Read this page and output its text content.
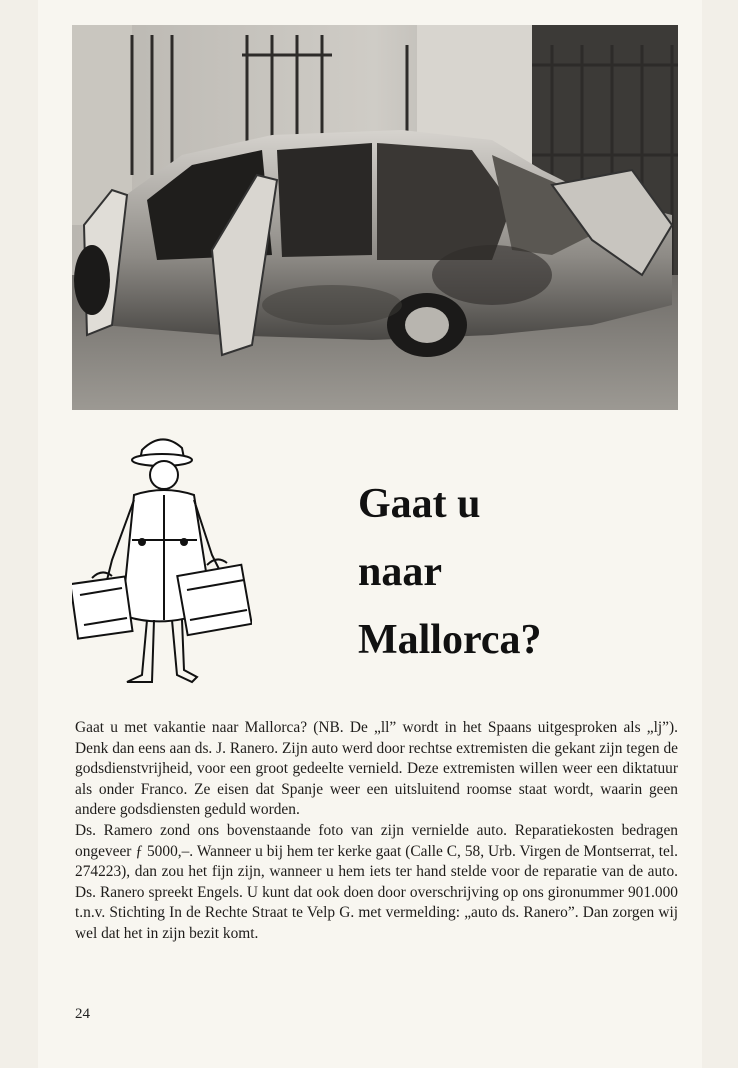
Gaat u
naar
Mallorca?

Gaat u met vakantie naar Mallorca? (NB. De „ll” wordt in het Spaans uitgesproken als „lj”). Denk dan eens aan ds. J. Ranero. Zijn auto werd door rechtse extremisten die gekant zijn tegen de godsdienstvrijheid, voor een groot gedeelte vernield. Deze extremisten willen weer een diktatuur als onder Franco. Ze eisen dat Spanje weer een uitsluitend roomse staat wordt, waarin geen andere godsdiensten geduld worden.

Ds. Ramero zond ons bovenstaande foto van zijn vernielde auto. Reparatiekosten bedragen ongeveer ƒ 5000,–. Wanneer u bij hem ter kerke gaat (Calle C, 58, Urb. Virgen de Montserrat, tel. 274223), dan zou het fijn zijn, wanneer u hem iets ter hand stelde voor de reparatie van de auto. Ds. Ranero spreekt Engels. U kunt dat ook doen door overschrijving op ons gironummer 901.000 t.n.v. Stichting In de Rechte Straat te Velp G. met vermelding: „auto ds. Ranero”. Dan zorgen wij wel dat het in zijn bezit komt.

24
